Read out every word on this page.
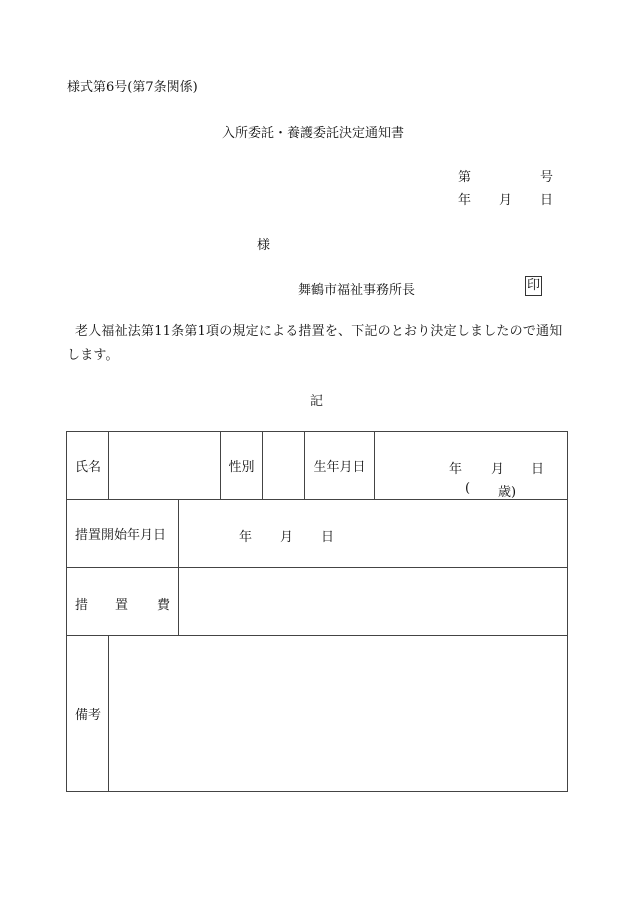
様式第6号(第7条関係)
入所委託・養護委託決定通知書
第	号
年 月 日
様
舞鶴市福祉事務所長	印
老人福祉法第11条第1項の規定による措置を、下記のとおり決定しましたので通知します。
記
氏名			性別		生年月日	年 月 日
( 歳)

措置開始年月日		年 月 日				

措 置 費						

備考						
